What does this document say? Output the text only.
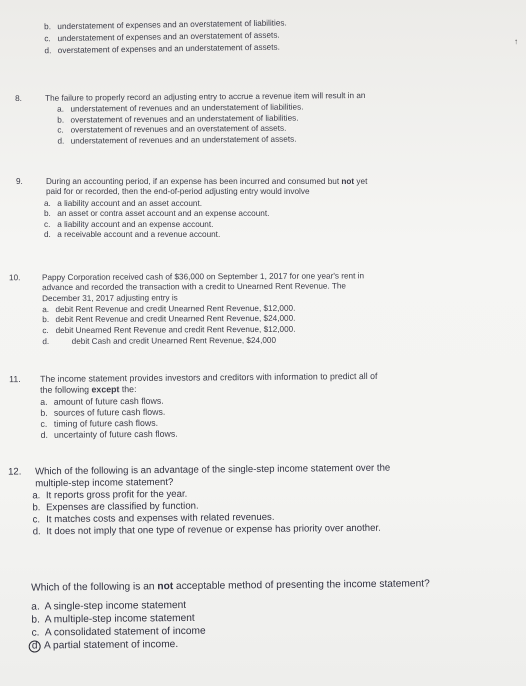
↑
b. understatement of expenses and an overstatement of liabilities.
c. understatement of expenses and an overstatement of assets.
d. overstatement of expenses and an understatement of assets.
8.	The failure to properly record an adjusting entry to accrue a revenue item will result in an
a. understatement of revenues and an understatement of liabilities.
b. overstatement of revenues and an understatement of liabilities.
c. overstatement of revenues and an overstatement of assets.
d. understatement of revenues and an understatement of assets.
9.	During an accounting period, if an expense has been incurred and consumed but not yet
paid for or recorded, then the end-of-period adjusting entry would involve
a. a liability account and an asset account.
b. an asset or contra asset account and an expense account.
c. a liability account and an expense account.
d. a receivable account and a revenue account.
10.	Pappy Corporation received cash of $36,000 on September 1, 2017 for one year's rent in
advance and recorded the transaction with a credit to Unearned Rent Revenue. The
December 31, 2017 adjusting entry is
a. debit Rent Revenue and credit Unearned Rent Revenue, $12,000.
b. debit Rent Revenue and credit Unearned Rent Revenue, $24,000.
c. debit Unearned Rent Revenue and credit Rent Revenue, $12,000.
d.	debit Cash and credit Unearned Rent Revenue, $24,000
11. The income statement provides investors and creditors with information to predict all of
the following except the:
a. amount of future cash flows.
b. sources of future cash flows.
c. timing of future cash flows.
d. uncertainty of future cash flows.
12. Which of the following is an advantage of the single-step income statement over the
multiple-step income statement?
a. It reports gross profit for the year.
b. Expenses are classified by function.
c. It matches costs and expenses with related revenues.
d. It does not imply that one type of revenue or expense has priority over another.
Which of the following is an not acceptable method of presenting the income statement?
a. A single-step income statement
b. A multiple-step income statement
c. A consolidated statement of income
d A partial statement of income.
